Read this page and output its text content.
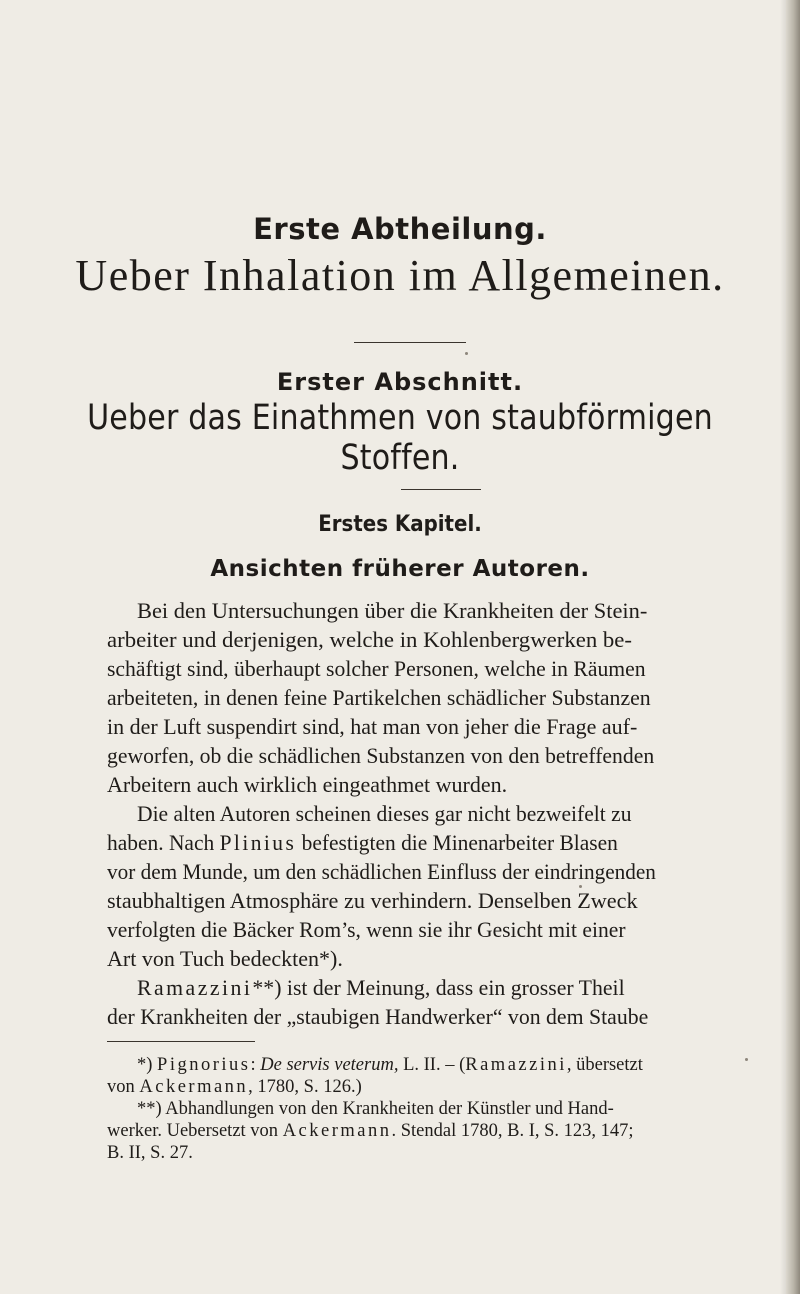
Erste Abtheilung.
Ueber Inhalation im Allgemeinen.
Erster Abschnitt.
Ueber das Einathmen von staubförmigen Stoffen.
Erstes Kapitel.
Ansichten früherer Autoren.
Bei den Untersuchungen über die Krankheiten der Stein-
arbeiter und derjenigen, welche in Kohlenbergwerken be-
schäftigt sind, überhaupt solcher Personen, welche in Räumen
arbeiteten, in denen feine Partikelchen schädlicher Substanzen
in der Luft suspendirt sind, hat man von jeher die Frage auf-
geworfen, ob die schädlichen Substanzen von den betreffenden
Arbeitern auch wirklich eingeathmet wurden.
Die alten Autoren scheinen dieses gar nicht bezweifelt zu
haben. Nach Plinius befestigten die Minenarbeiter Blasen
vor dem Munde, um den schädlichen Einfluss der eindringenden
staubhaltigen Atmosphäre zu verhindern. Denselben Zweck
verfolgten die Bäcker Rom’s, wenn sie ihr Gesicht mit einer
Art von Tuch bedeckten*).
Ramazzini**) ist der Meinung, dass ein grosser Theil
der Krankheiten der „staubigen Handwerker“ von dem Staube
*) Pignorius: De servis veterum, L. II. – (Ramazzini, übersetzt
von Ackermann, 1780, S. 126.)
**) Abhandlungen von den Krankheiten der Künstler und Hand-
werker. Uebersetzt von Ackermann. Stendal 1780, B. I, S. 123, 147;
B. II, S. 27.
